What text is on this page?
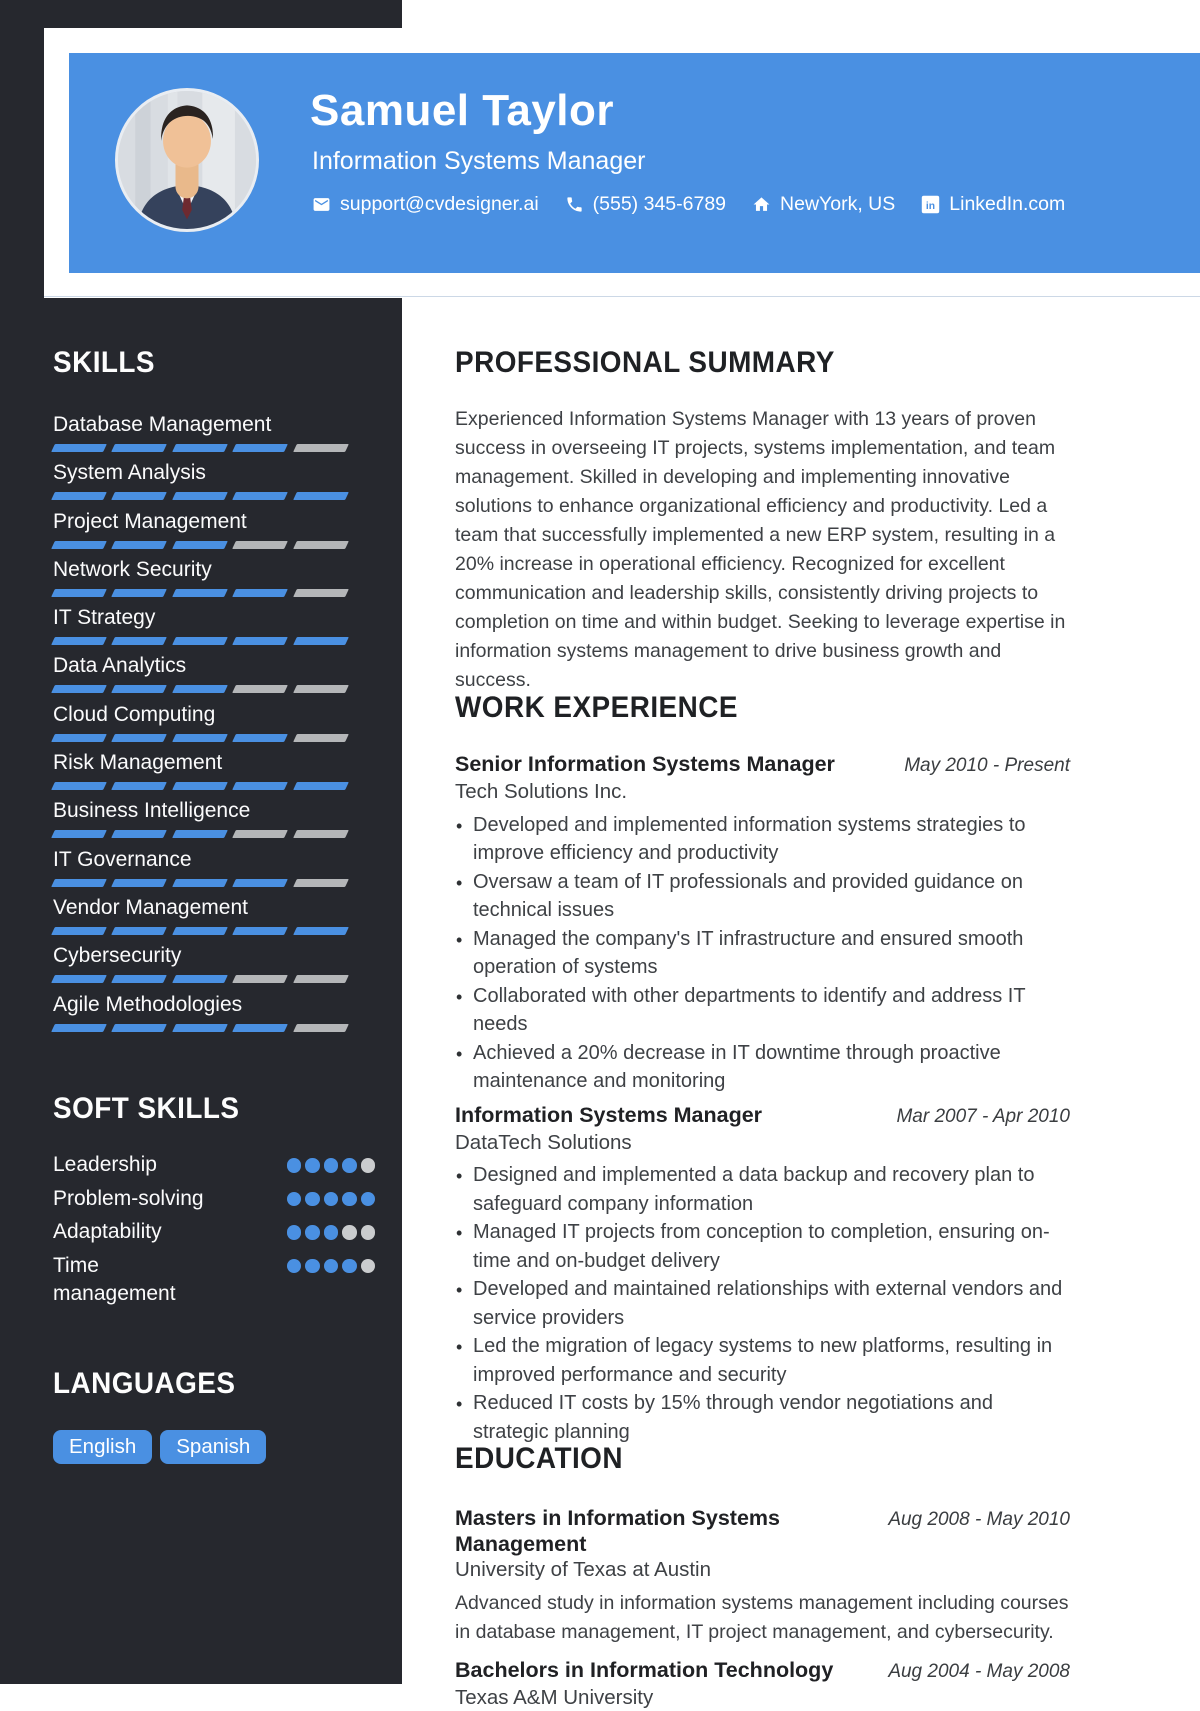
Samuel Taylor
Information Systems Manager
support@cvdesigner.ai	(555) 345-6789	NewYork, US in LinkedIn.com
SKILLS
Database Management
System Analysis
Project Management
Network Security
IT Strategy
Data Analytics
Cloud Computing
Risk Management
Business Intelligence
IT Governance
Vendor Management
Cybersecurity
Agile Methodologies
SOFT SKILLS
Leadership
Problem-solving
Adaptability
Time management
LANGUAGES
English	Spanish
PROFESSIONAL SUMMARY

Experienced Information Systems Manager with 13 years of proven success in overseeing IT projects, systems implementation, and team management. Skilled in developing and implementing innovative solutions to enhance organizational efficiency and productivity. Led a team that successfully implemented a new ERP system, resulting in a 20% increase in operational efficiency. Recognized for excellent communication and leadership skills, consistently driving projects to completion on time and within budget. Seeking to leverage expertise in information systems management to drive business growth and success.

WORK EXPERIENCE
Senior Information Systems Manager	May 2010 - Present
Tech Solutions Inc.
• Developed and implemented information systems strategies to improve efficiency and productivity
• Oversaw a team of IT professionals and provided guidance on technical issues
• Managed the company's IT infrastructure and ensured smooth operation of systems
• Collaborated with other departments to identify and address IT needs
• Achieved a 20% decrease in IT downtime through proactive maintenance and monitoring
Information Systems Manager	Mar 2007 - Apr 2010
DataTech Solutions
• Designed and implemented a data backup and recovery plan to safeguard company information
• Managed IT projects from conception to completion, ensuring on-time and on-budget delivery
• Developed and maintained relationships with external vendors and service providers
• Led the migration of legacy systems to new platforms, resulting in improved performance and security
• Reduced IT costs by 15% through vendor negotiations and strategic planning
EDUCATION
Masters in Information Systems Management
Aug 2008 - May 2010
University of Texas at Austin

Advanced study in information systems management including courses in database management, IT project management, and cybersecurity.

Bachelors in Information Technology	Aug 2004 - May 2008
Texas A&M University
